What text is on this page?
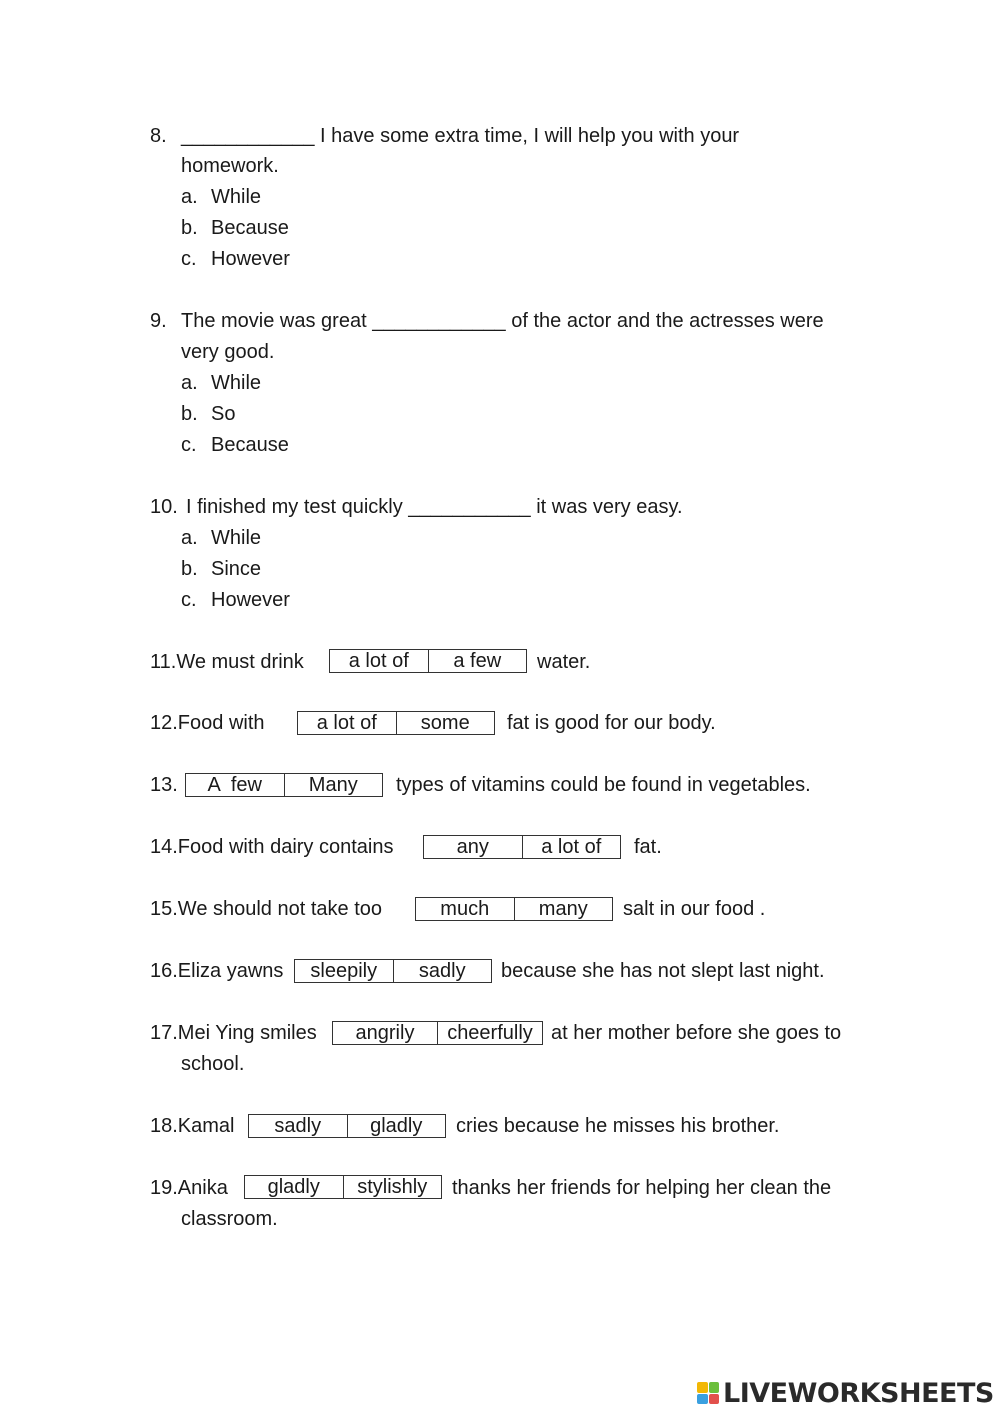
8. ____________ I have some extra time, I will help you with your
homework.
a. While
b. Because
c. However
9. The movie was great ____________ of the actor and the actresses were
very good.
a. While
b. So
c. Because
10. I finished my test quickly ___________ it was very easy.
a. While
b. Since
c. However
11.We must drink	a lot of	a few	water.
12.Food with	a lot of	some	fat is good for our body.
13.	A  few	Many	types of vitamins could be found in vegetables.
14.Food with dairy contains	any	a lot of	fat.
15.We should not take too	much	many	salt in our food .
16.Eliza yawns	sleepily	sadly	because she has not slept last night.
17.Mei Ying smiles	angrily	cheerfully at her mother before she goes to
school.
18.Kamal	sadly	gladly	cries because he misses his brother.
19.Anika	gladly	stylishly	thanks her friends for helping her clean the
classroom.
LIVEWORKSHEETS
